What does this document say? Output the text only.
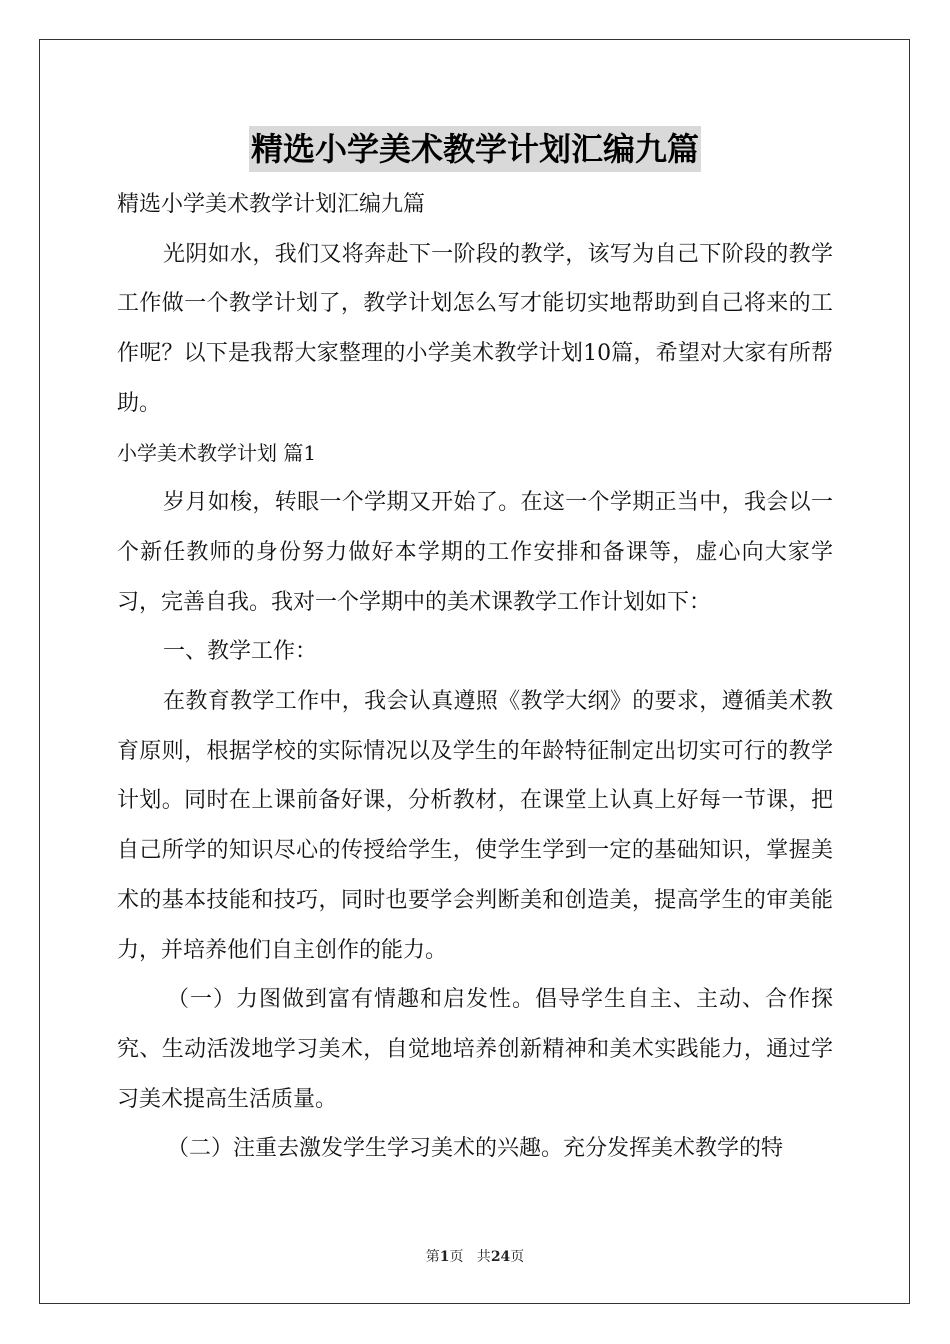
精选小学美术教学计划汇编九篇

精选小学美术教学计划汇编九篇

光阴如水，我们又将奔赴下一阶段的教学，该写为自己下阶段的教学工作做一个教学计划了，教学计划怎么写才能切实地帮助到自己将来的工作呢？以下是我帮大家整理的小学美术教学计划10篇，希望对大家有所帮助。

小学美术教学计划 篇1

岁月如梭，转眼一个学期又开始了。在这一个学期正当中，我会以一个新任教师的身份努力做好本学期的工作安排和备课等，虚心向大家学习，完善自我。我对一个学期中的美术课教学工作计划如下：

一、教学工作：

在教育教学工作中，我会认真遵照《教学大纲》的要求，遵循美术教育原则，根据学校的实际情况以及学生的年龄特征制定出切实可行的教学计划。同时在上课前备好课，分析教材，在课堂上认真上好每一节课，把自己所学的知识尽心的传授给学生，使学生学到一定的基础知识，掌握美术的基本技能和技巧，同时也要学会判断美和创造美，提高学生的审美能力，并培养他们自主创作的能力。

（一）力图做到富有情趣和启发性。倡导学生自主、主动、合作探究、生动活泼地学习美术，自觉地培养创新精神和美术实践能力，通过学习美术提高生活质量。

（二）注重去激发学生学习美术的兴趣。充分发挥美术教学的特

第1页   共24页
